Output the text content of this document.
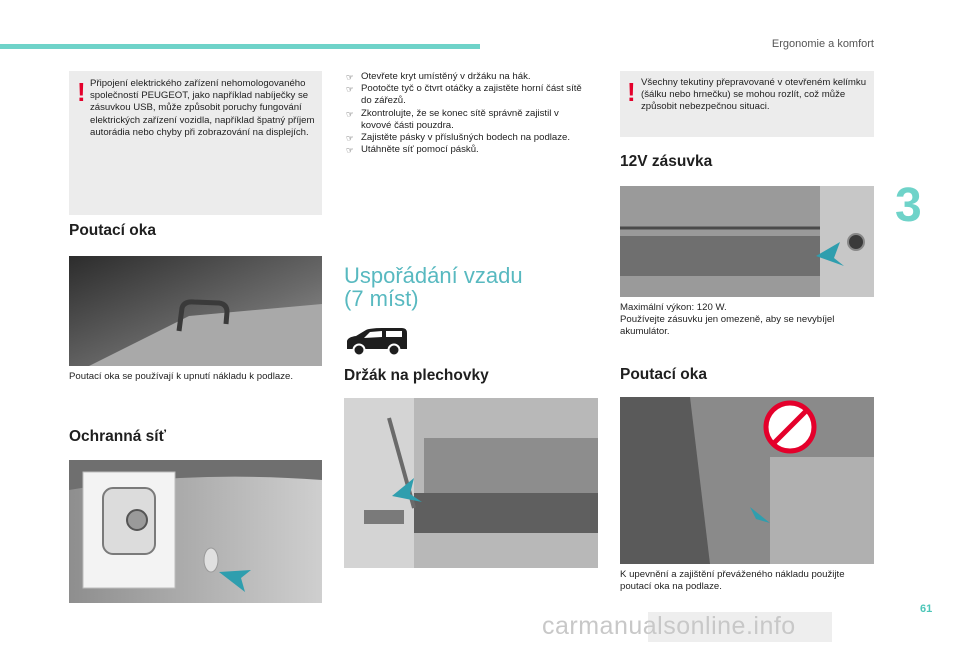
Ergonomie a komfort
3
61
! Připojení elektrického zařízení nehomologovaného společností PEUGEOT, jako například nabíječky se zásuvkou USB, může způsobit poruchy fungování elektrických zařízení vozidla, například špatný příjem autorádia nebo chyby při zobrazování na displejích.
Poutací oka
Poutací oka se používají k upnutí nákladu k podlaze.
Ochranná síť
☞ Otevřete kryt umístěný v držáku na hák.
☞ Pootočte tyč o čtvrt otáčky a zajistěte horní část sítě do zářezů.
☞ Zkontrolujte, že se konec sítě správně zajistil v kovové části pouzdra.
☞ Zajistěte pásky v příslušných bodech na podlaze.
☞ Utáhněte síť pomocí pásků.
Uspořádání vzadu
(7 míst)
Držák na plechovky
! Všechny tekutiny přepravované v otevřeném kelímku (šálku nebo hrnečku) se mohou rozlít, což může způsobit nebezpečnou situaci.
12V zásuvka
Maximální výkon: 120 W.
Používejte zásuvku jen omezeně, aby se nevybíjel akumulátor.
Poutací oka
K upevnění a zajištění převáženého nákladu použijte poutací oka na podlaze.
carmanualsonline.info
